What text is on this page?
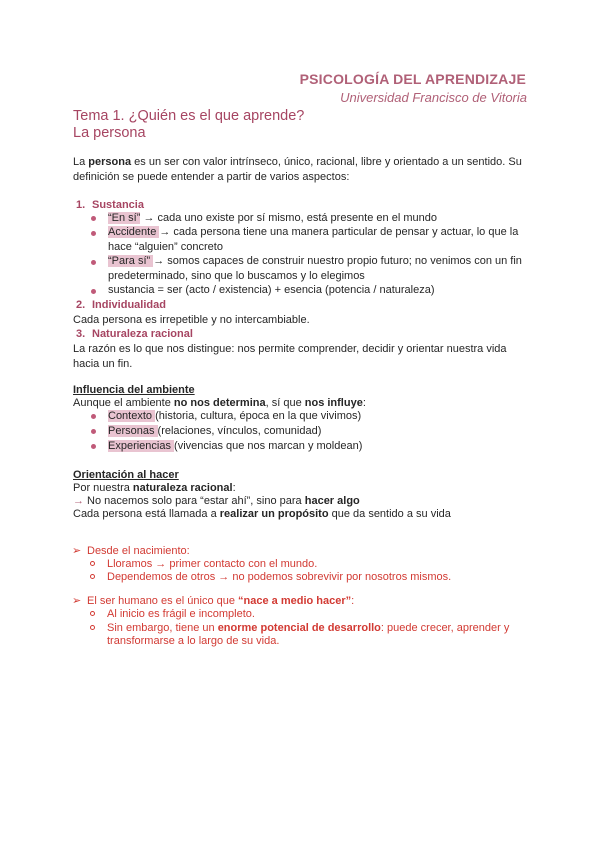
PSICOLOGÍA DEL APRENDIZAJE
Universidad Francisco de Vitoria
Tema 1. ¿Quién es el que aprende?
La persona
La persona es un ser con valor intrínseco, único, racional, libre y orientado a un sentido. Su
definición se puede entender a partir de varios aspectos:
1. Sustancia
“En sí” → cada uno existe por sí mismo, está presente en el mundo
Accidente → cada persona tiene una manera particular de pensar y actuar, lo que la
hace “alguien” concreto
“Para sí” → somos capaces de construir nuestro propio futuro; no venimos con un fin
predeterminado, sino que lo buscamos y lo elegimos
sustancia = ser (acto / existencia) + esencia (potencia / naturaleza)
2. Individualidad
Cada persona es irrepetible y no intercambiable.
3. Naturaleza racional
La razón es lo que nos distingue: nos permite comprender, decidir y orientar nuestra vida
hacia un fin.
Influencia del ambiente
Aunque el ambiente no nos determina, sí que nos influye:
Contexto (historia, cultura, época en la que vivimos)
Personas (relaciones, vínculos, comunidad)
Experiencias (vivencias que nos marcan y moldean)
Orientación al hacer
Por nuestra naturaleza racional:
→ No nacemos solo para “estar ahí”, sino para hacer algo
Cada persona está llamada a realizar un propósito que da sentido a su vida
➢ Desde el nacimiento:
Lloramos → primer contacto con el mundo.
Dependemos de otros → no podemos sobrevivir por nosotros mismos.
➢ El ser humano es el único que “nace a medio hacer”:
Al inicio es frágil e incompleto.
Sin embargo, tiene un enorme potencial de desarrollo: puede crecer, aprender y
transformarse a lo largo de su vida.
